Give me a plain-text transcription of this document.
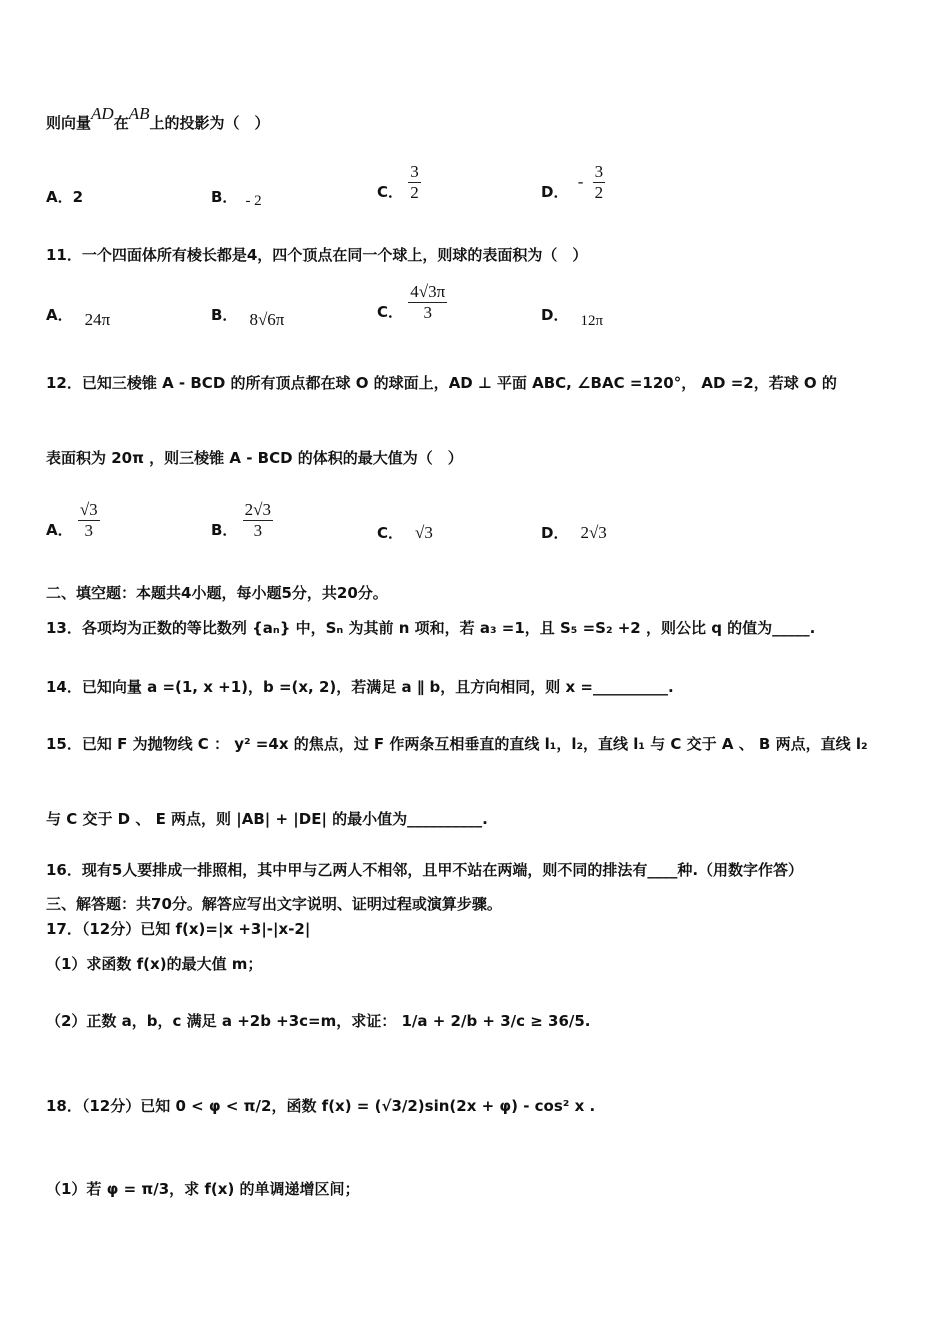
则向量AD在AB上的投影为（　）
A．2	B． - 2	C． $\frac{3}{2}$	D． - $\frac{3}{2}$
11．一个四面体所有棱长都是4，四个顶点在同一个球上，则球的表面积为（　）
A． 24π	B． 8√6π	C． $\frac{4√3\pi}{3}$	D． 12π
12．已知三棱锥 A - BCD 的所有顶点都在球 O 的球面上，AD ⊥ 平面 ABC, ∠BAC =120°， AD =2，若球 O 的
表面积为 20π ，则三棱锥 A - BCD 的体积的最大值为（　）
A． $\frac{√3}{3}$	B． $\frac{2√3}{3}$	C． √3	D． 2√3
二、填空题：本题共4小题，每小题5分，共20分。
13．各项均为正数的等比数列 {aₙ} 中，Sₙ 为其前 n 项和，若 a₃ =1，且 S₅ =S₂ +2 ，则公比 q 的值为_____.
14．已知向量 a =(1, x +1)，b =(x, 2)，若满足 a ∥ b，且方向相同，则 x =__________.
15．已知 F 为抛物线 C ： y² =4x 的焦点，过 F 作两条互相垂直的直线 l₁，l₂，直线 l₁ 与 C 交于 A 、 B 两点，直线 l₂
与 C 交于 D 、 E 两点，则 |AB| + |DE| 的最小值为__________.
16．现有5人要排成一排照相，其中甲与乙两人不相邻，且甲不站在两端，则不同的排法有____种.（用数字作答）
三、解答题：共70分。解答应写出文字说明、证明过程或演算步骤。
17．（12分）已知 f(x)=|x +3|-|x-2|
（1）求函数 f(x)的最大值 m；
（2）正数 a，b，c 满足 a +2b +3c=m，求证： 1/a + 2/b + 3/c ≥ 36/5.
18．（12分）已知 0 < φ < π/2，函数 f(x) = (√3/2)sin(2x + φ) - cos² x .
（1）若 φ = π/3，求 f(x) 的单调递增区间；
